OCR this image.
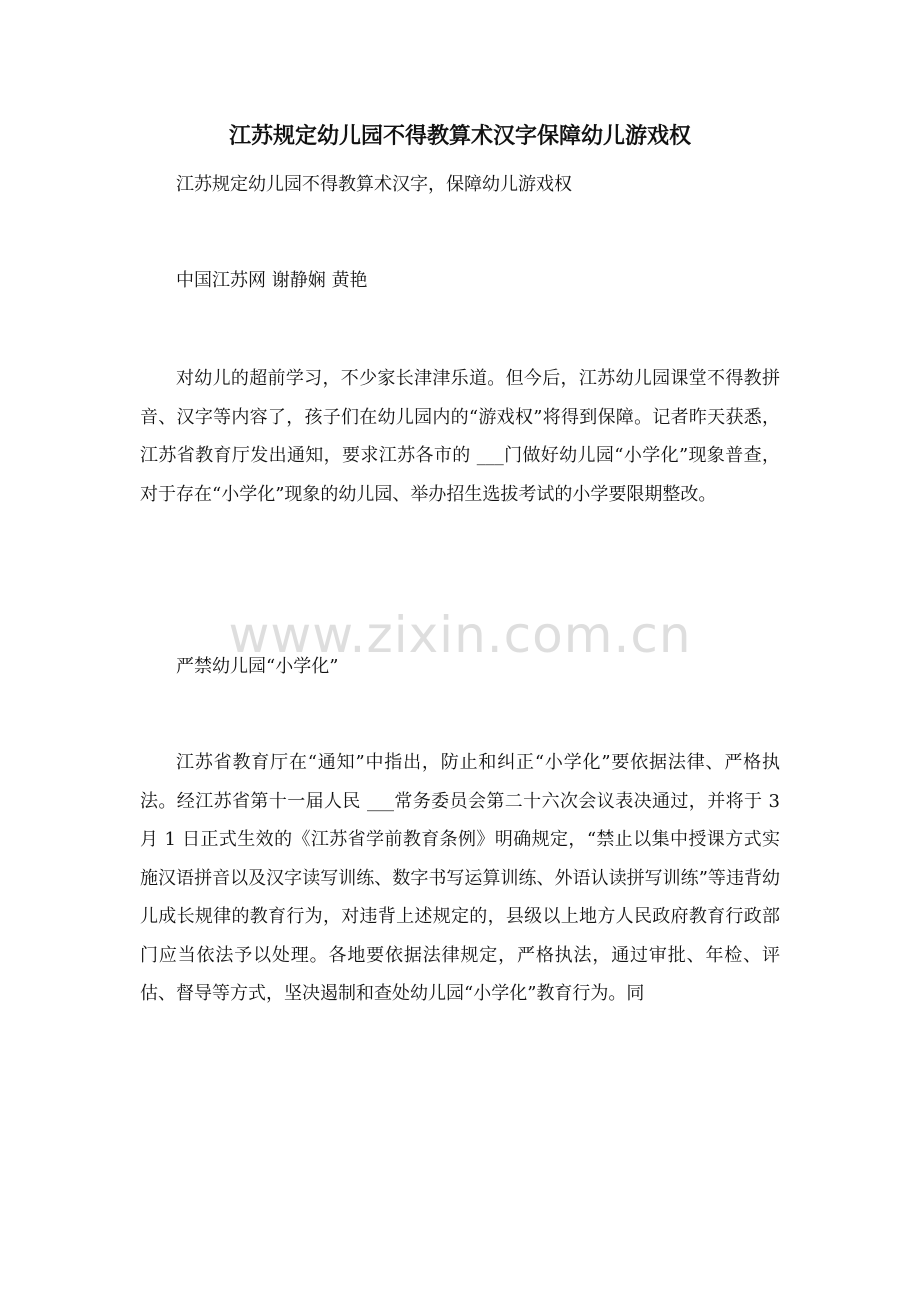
江苏规定幼儿园不得教算术汉字保障幼儿游戏权

江苏规定幼儿园不得教算术汉字，保障幼儿游戏权

中国江苏网 谢静娴 黄艳

对幼儿的超前学习，不少家长津津乐道。但今后，江苏幼儿园课堂不得教拼音、汉字等内容了，孩子们在幼儿园内的“游戏权”将得到保障。记者昨天获悉，江苏省教育厅发出通知，要求江苏各市的 ___门做好幼儿园“小学化”现象普查，对于存在“小学化”现象的幼儿园、举办招生选拔考试的小学要限期整改。

严禁幼儿园“小学化”

江苏省教育厅在“通知”中指出，防止和纠正“小学化”要依据法律、严格执法。经江苏省第十一届人民 ___常务委员会第二十六次会议表决通过，并将于 3 月 1 日正式生效的《江苏省学前教育条例》明确规定，“禁止以集中授课方式实施汉语拼音以及汉字读写训练、数字书写运算训练、外语认读拼写训练”等违背幼儿成长规律的教育行为，对违背上述规定的，县级以上地方人民政府教育行政部门应当依法予以处理。各地要依据法律规定，严格执法，通过审批、年检、评估、督导等方式，坚决遏制和查处幼儿园“小学化”教育行为。同

www.zixin.com.cn
